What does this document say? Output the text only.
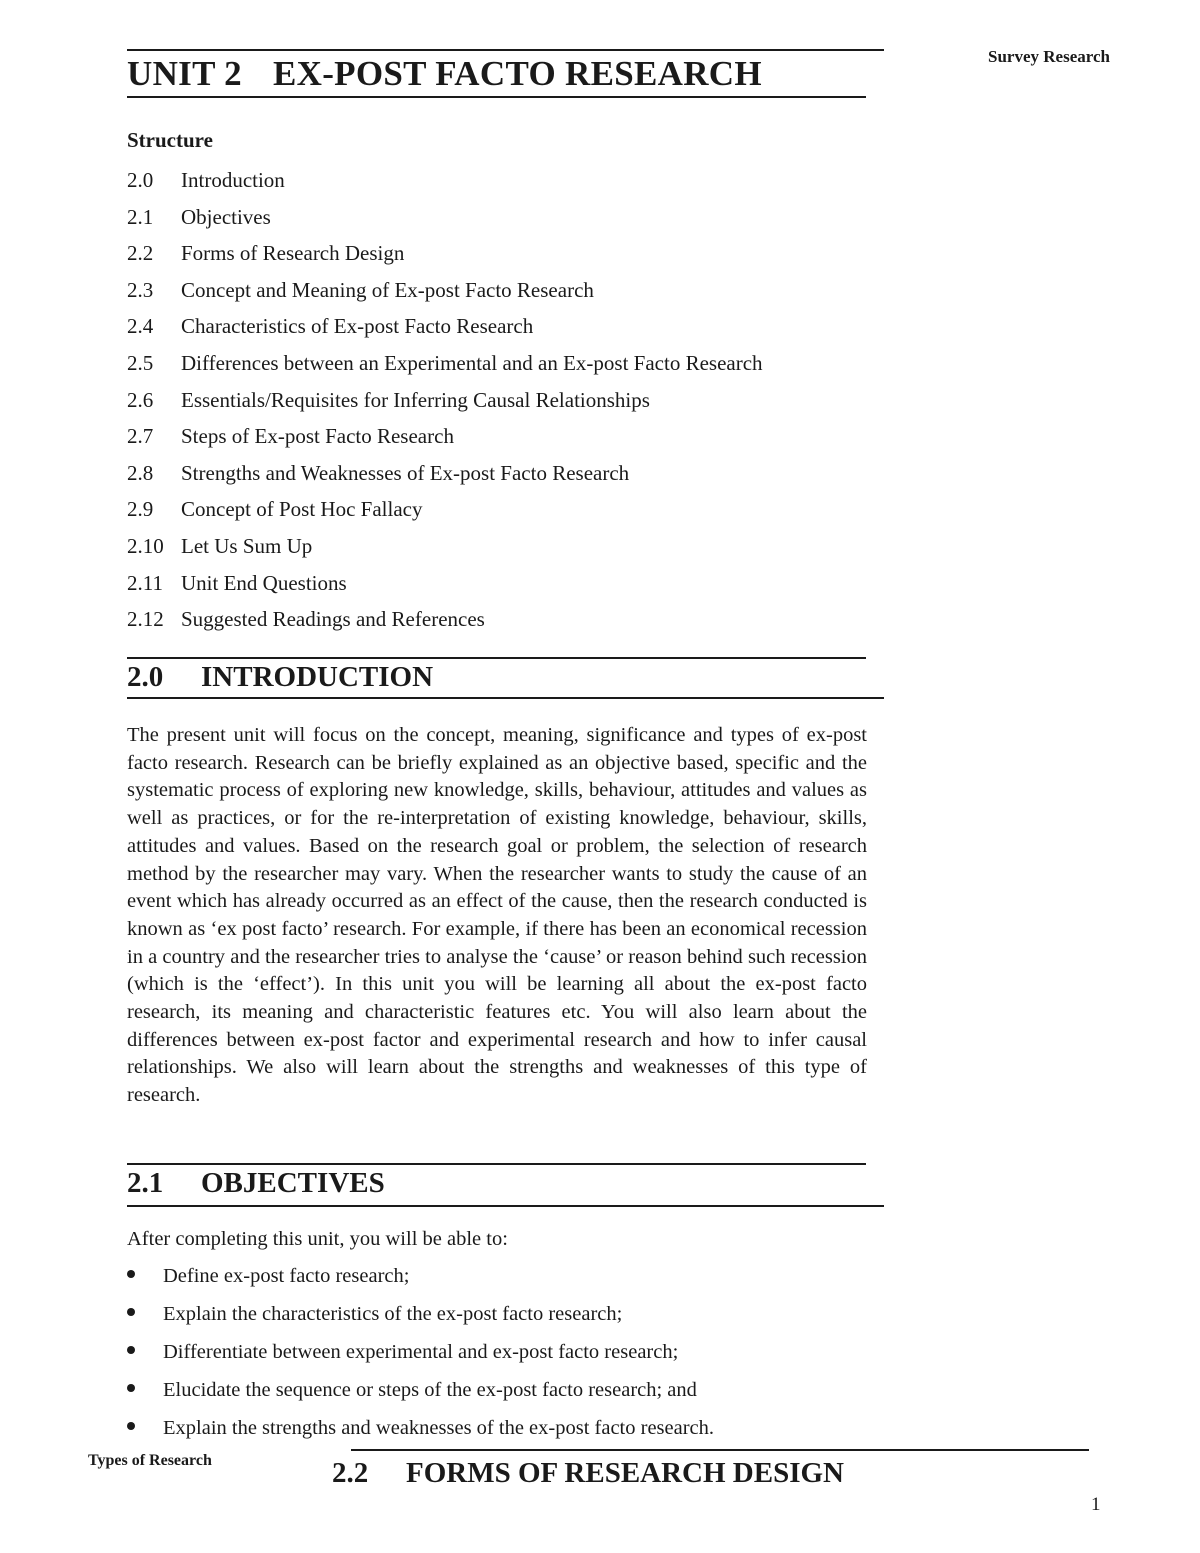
Survey Research
UNIT 2 EX-POST FACTO RESEARCH
Structure
2.0 Introduction
2.1 Objectives
2.2 Forms of Research Design
2.3 Concept and Meaning of Ex-post Facto Research
2.4 Characteristics of Ex-post Facto Research
2.5 Differences between an Experimental and an Ex-post Facto Research
2.6 Essentials/Requisites for Inferring Causal Relationships
2.7 Steps of Ex-post Facto Research
2.8 Strengths and Weaknesses of Ex-post Facto Research
2.9 Concept of Post Hoc Fallacy
2.10 Let Us Sum Up
2.11 Unit End Questions
2.12 Suggested Readings and References
2.0 INTRODUCTION

The present unit will focus on the concept, meaning, significance and types of ex-post facto research. Research can be briefly explained as an objective based, specific and the systematic process of exploring new knowledge, skills, behaviour, attitudes and values as well as practices, or for the re-interpretation of existing knowledge, behaviour, skills, attitudes and values. Based on the research goal or problem, the selection of research method by the researcher may vary. When the researcher wants to study the cause of an event which has already occurred as an effect of the cause, then the research conducted is known as ‘ex post facto’ research. For example, if there has been an economical recession in a country and the researcher tries to analyse the ‘cause’ or reason behind such recession (which is the ‘effect’). In this unit you will be learning all about the ex-post facto research, its meaning and characteristic features etc. You will also learn about the differences between ex-post factor and experimental research and how to infer causal relationships. We also will learn about the strengths and weaknesses of this type of research.

2.1 OBJECTIVES
After completing this unit, you will be able to:
Define ex-post facto research;
Explain the characteristics of the ex-post facto research;
Differentiate between experimental and ex-post facto research;
Elucidate the sequence or steps of the ex-post facto research; and
Explain the strengths and weaknesses of the ex-post facto research.
Types of Research	2.2 FORMS OF RESEARCH DESIGN
1
